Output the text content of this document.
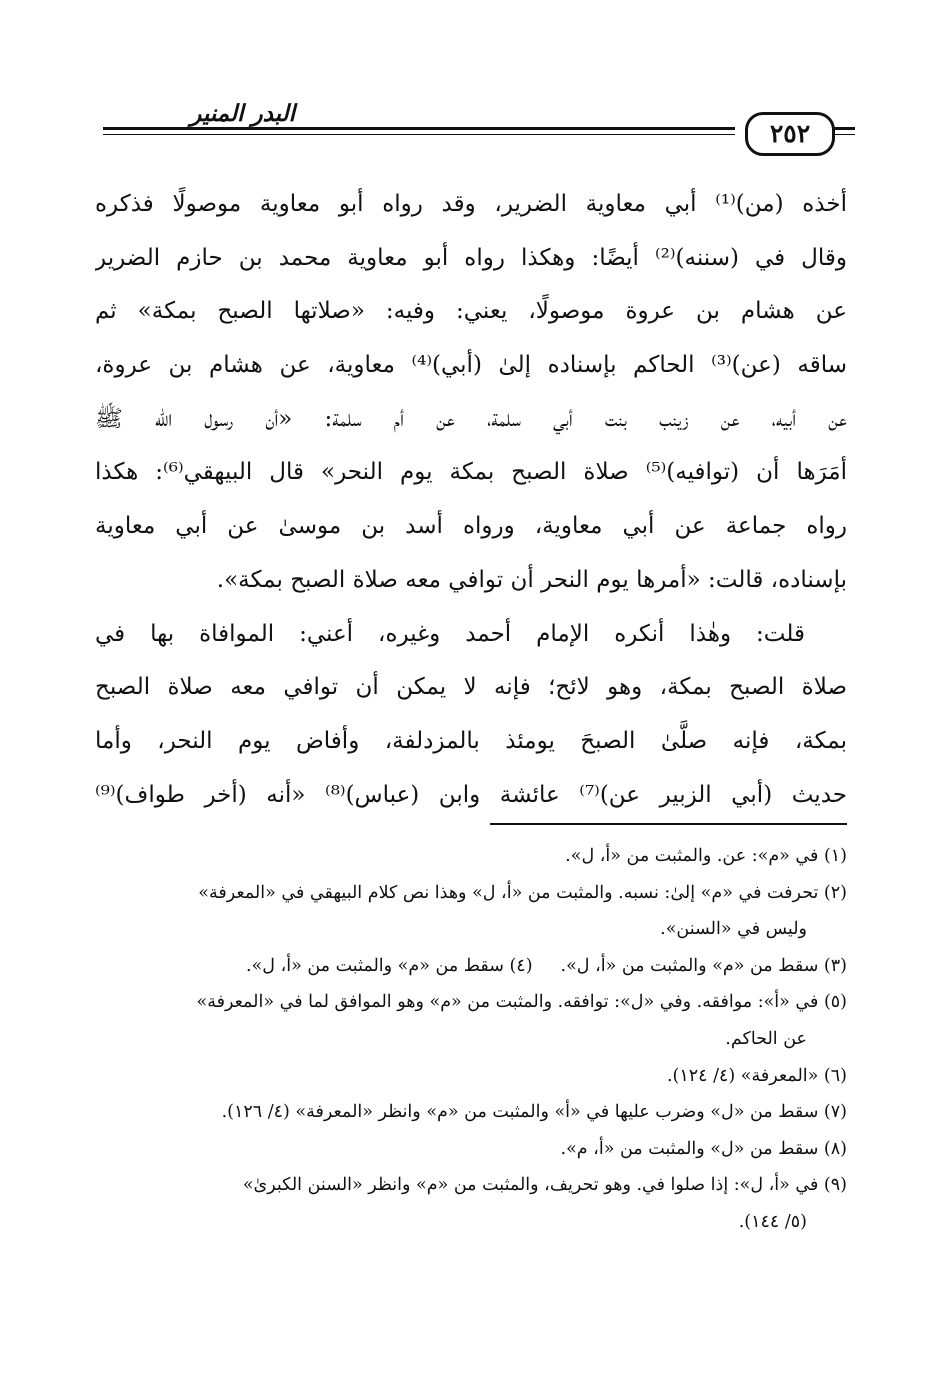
البدر المنير
٢٥٢
أخذه (من)⁽¹⁾ أبي معاوية الضرير، وقد رواه أبو معاوية موصولًا فذكره
وقال في (سننه)⁽²⁾ أيضًا: وهكذا رواه أبو معاوية محمد بن حازم الضرير
عن هشام بن عروة موصولًا، يعني: وفيه: «صلاتها الصبح بمكة» ثم
ساقه (عن)⁽³⁾ الحاكم بإسناده إلىٰ (أبي)⁽⁴⁾ معاوية، عن هشام بن عروة،
عن أبيه، عن زينب بنت أبي سلمة، عن أم سلمة: «أن رسول الله ﷺ
أمَرَها أن (توافيه)⁽⁵⁾ صلاة الصبح بمكة يوم النحر» قال البيهقي⁽⁶⁾: هكذا
رواه جماعة عن أبي معاوية، ورواه أسد بن موسىٰ عن أبي معاوية
بإسناده، قالت: «أمرها يوم النحر أن توافي معه صلاة الصبح بمكة».
قلت: وهٰذا أنكره الإمام أحمد وغيره، أعني: الموافاة بها في
صلاة الصبح بمكة، وهو لائح؛ فإنه لا يمكن أن توافي معه صلاة الصبح
بمكة، فإنه صلَّىٰ الصبحَ يومئذ بالمزدلفة، وأفاض يوم النحر، وأما
حديث (أبي الزبير عن)⁽⁷⁾ عائشة وابن (عباس)⁽⁸⁾ «أنه (أخر طواف)⁽⁹⁾
(١) في «م»: عن. والمثبت من «أ، ل».
(٢) تحرفت في «م» إلىٰ: نسبه. والمثبت من «أ، ل» وهذا نص كلام البيهقي في «المعرفة»
وليس في «السنن».
(٣) سقط من «م» والمثبت من «أ، ل».(٤) سقط من «م» والمثبت من «أ، ل».
(٥) في «أ»: موافقه. وفي «ل»: توافقه. والمثبت من «م» وهو الموافق لما في «المعرفة»
عن الحاكم.
(٦) «المعرفة» (٤/ ١٢٤).
(٧) سقط من «ل» وضرب عليها في «أ» والمثبت من «م» وانظر «المعرفة» (٤/ ١٢٦).
(٨) سقط من «ل» والمثبت من «أ، م».
(٩) في «أ، ل»: إذا صلوا في. وهو تحريف، والمثبت من «م» وانظر «السنن الكبرىٰ»
(٥/ ١٤٤).
